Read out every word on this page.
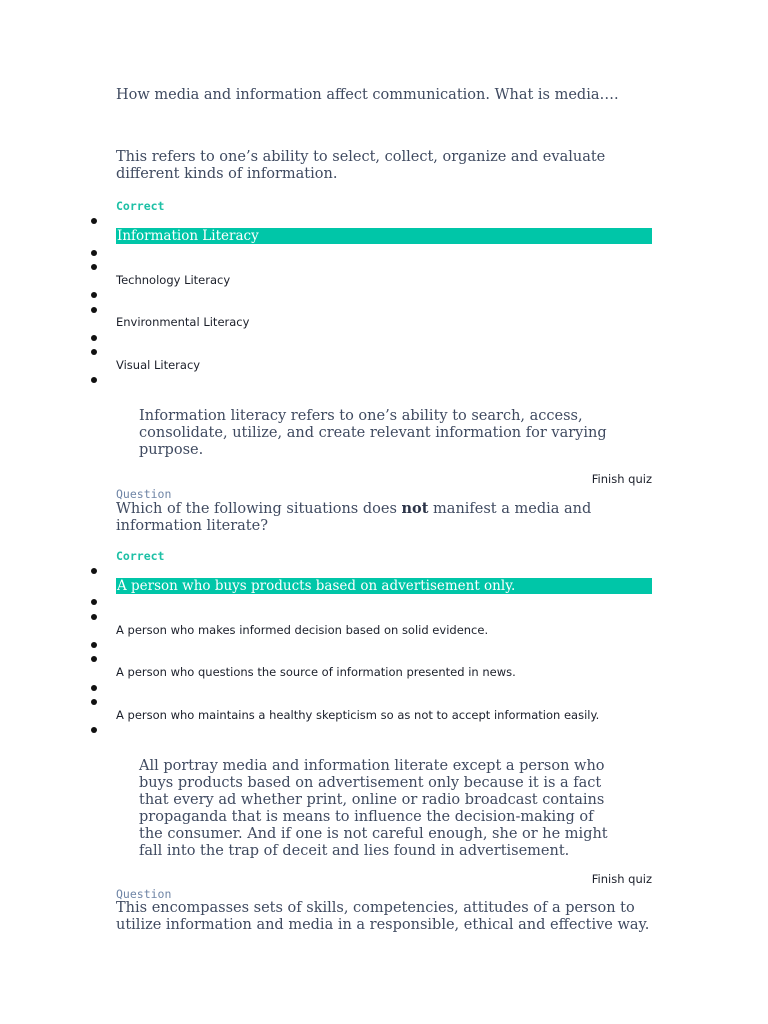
How media and information affect communication. What is media….
This refers to one’s ability to select, collect, organize and evaluate different kinds of information.
Correct
Information Literacy
Technology Literacy
Environmental Literacy
Visual Literacy
Information literacy refers to one’s ability to search, access, consolidate, utilize, and create relevant information for varying purpose.
Finish quiz
Question
Which of the following situations does not manifest a media and information literate?
Correct
A person who buys products based on advertisement only.
A person who makes informed decision based on solid evidence.
A person who questions the source of information presented in news.
A person who maintains a healthy skepticism so as not to accept information easily.
All portray media and information literate except a person who buys products based on advertisement only because it is a fact that every ad whether print, online or radio broadcast contains propaganda that is means to influence the decision-making of the consumer. And if one is not careful enough, she or he might fall into the trap of deceit and lies found in advertisement.
Finish quiz
Question
This encompasses sets of skills, competencies, attitudes of a person to utilize information and media in a responsible, ethical and effective way.
